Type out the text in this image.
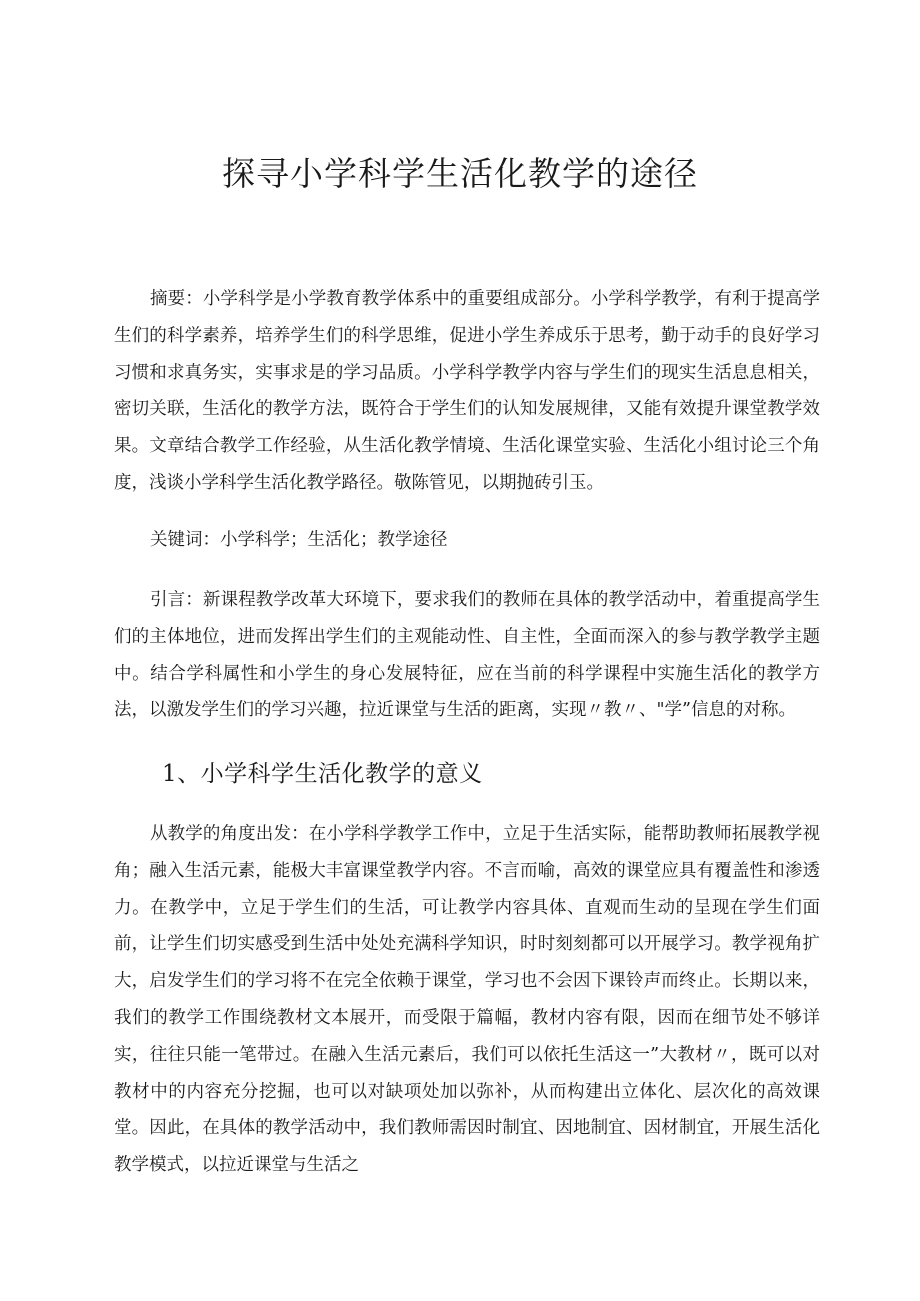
探寻小学科学生活化教学的途径

摘要：小学科学是小学教育教学体系中的重要组成部分。小学科学教学，有利于提高学生们的科学素养，培养学生们的科学思维，促进小学生养成乐于思考，勤于动手的良好学习习惯和求真务实，实事求是的学习品质。小学科学教学内容与学生们的现实生活息息相关，密切关联，生活化的教学方法，既符合于学生们的认知发展规律，又能有效提升课堂教学效果。文章结合教学工作经验，从生活化教学情境、生活化课堂实验、生活化小组讨论三个角度，浅谈小学科学生活化教学路径。敬陈管见，以期抛砖引玉。

关键词：小学科学；生活化；教学途径

引言：新课程教学改革大环境下，要求我们的教师在具体的教学活动中，着重提高学生们的主体地位，进而发挥出学生们的主观能动性、自主性，全面而深入的参与教学教学主题中。结合学科属性和小学生的身心发展特征，应在当前的科学课程中实施生活化的教学方法，以激发学生们的学习兴趣，拉近课堂与生活的距离，实现〃教〃、"学”信息的对称。

1、小学科学生活化教学的意义

从教学的角度出发：在小学科学教学工作中，立足于生活实际，能帮助教师拓展教学视角；融入生活元素，能极大丰富课堂教学内容。不言而喻，高效的课堂应具有覆盖性和渗透力。在教学中，立足于学生们的生活，可让教学内容具体、直观而生动的呈现在学生们面前，让学生们切实感受到生活中处处充满科学知识，时时刻刻都可以开展学习。教学视角扩大，启发学生们的学习将不在完全依赖于课堂，学习也不会因下课铃声而终止。长期以来，我们的教学工作围绕教材文本展开，而受限于篇幅，教材内容有限，因而在细节处不够详实，往往只能一笔带过。在融入生活元素后，我们可以依托生活这一”大教材〃，既可以对教材中的内容充分挖掘，也可以对缺项处加以弥补，从而构建出立体化、层次化的高效课堂。因此，在具体的教学活动中，我们教师需因时制宜、因地制宜、因材制宜，开展生活化教学模式，以拉近课堂与生活之
